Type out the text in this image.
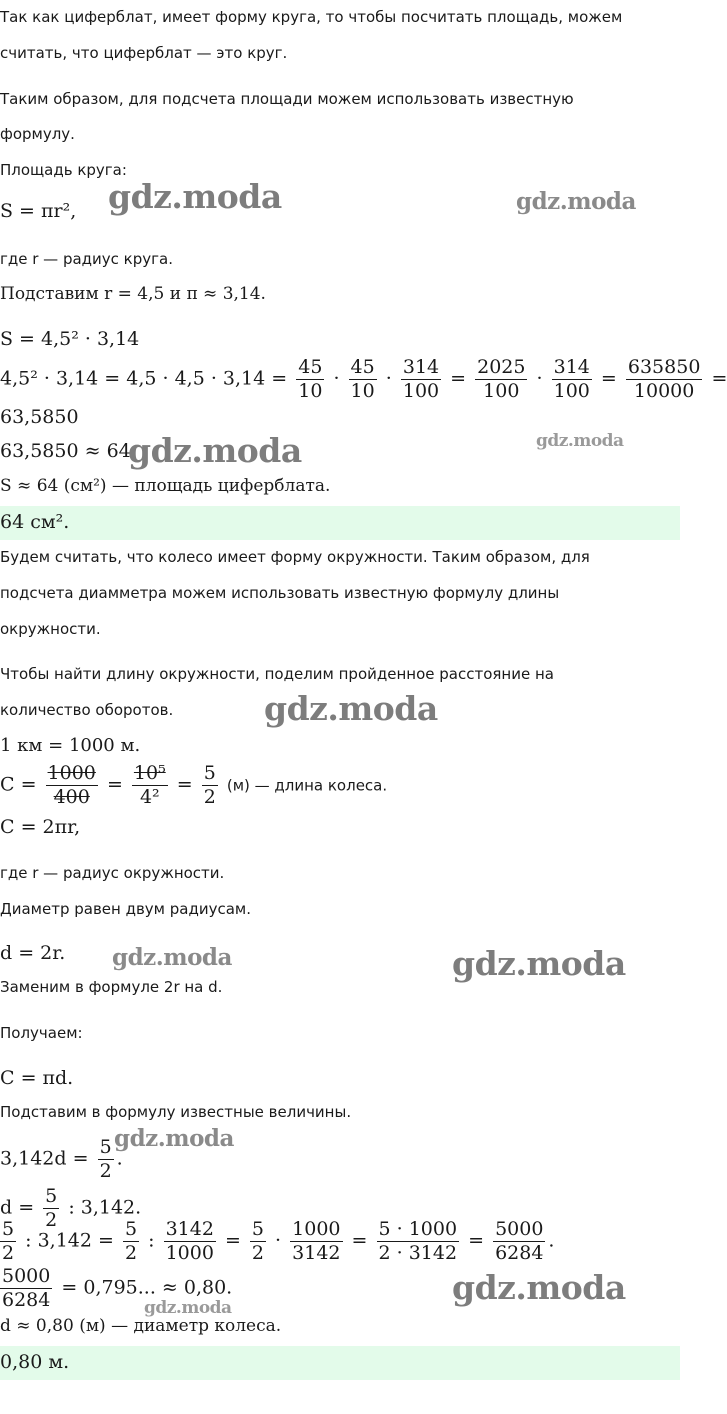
Так как циферблат, имеет форму круга, то чтобы посчитать площадь, можем
считать, что циферблат — это круг.
Таким образом, для подсчета площади можем использовать известную
формулу.
Площадь круга:
S = πr²,
где r — радиус круга.
Подставим r = 4,5 и π ≈ 3,14.
S = 4,5² · 3,14
$4,5^2 \cdot 3,14 = 4,5 \cdot 4,5 \cdot 3,14 = \frac{45}{10} \cdot \frac{45}{10} \cdot \frac{314}{100} = \frac{2025}{100} \cdot \frac{314}{100} = \frac{635850}{10000}$ =
63,5850
63,5850 ≈ 64
S ≈ 64 (см²) — площадь циферблата.
64 см².
Будем считать, что колесо имеет форму окружности. Таким образом, для
подсчета диамметра можем использовать известную формулу длины
окружности.
Чтобы найти длину окружности, поделим пройденное расстояние на
количество оборотов.
1 км = 1000 м.
$C = \frac{1000}{400} = \frac{\text{10⁵}}{\text{4²}} = \frac{5}{2} (м)$ — длина колеса.
C = 2πr,
где r — радиус окружности.
Диаметр равен двум радиусам.
d = 2r.
Заменим в формуле 2r на d.
Получаем:
C = πd.
Подставим в формулу известные величины.
$3,142d = \frac{5}{2}$ .
$d = \frac{5}{2}$ : 3,142.
$\frac{5}{2}$ : $3,142 = \frac{5}{2}$ : $\frac{3142}{1000} = \frac{5}{2} \cdot \frac{1000}{3142} = \frac{5 \cdot 1000}{2 \cdot 3142} = \frac{5000}{6284}$ .
$\frac{5000}{6284} = 0,795$... ≈ 0,80.
d ≈ 0,80 (м) — диаметр колеса.
0,80 м.
gdz.moda	gdz.moda
gdz.moda	gdz.moda
gdz.moda
gdz.moda	gdz.moda
gdz.moda
gdz.moda
gdz.moda
